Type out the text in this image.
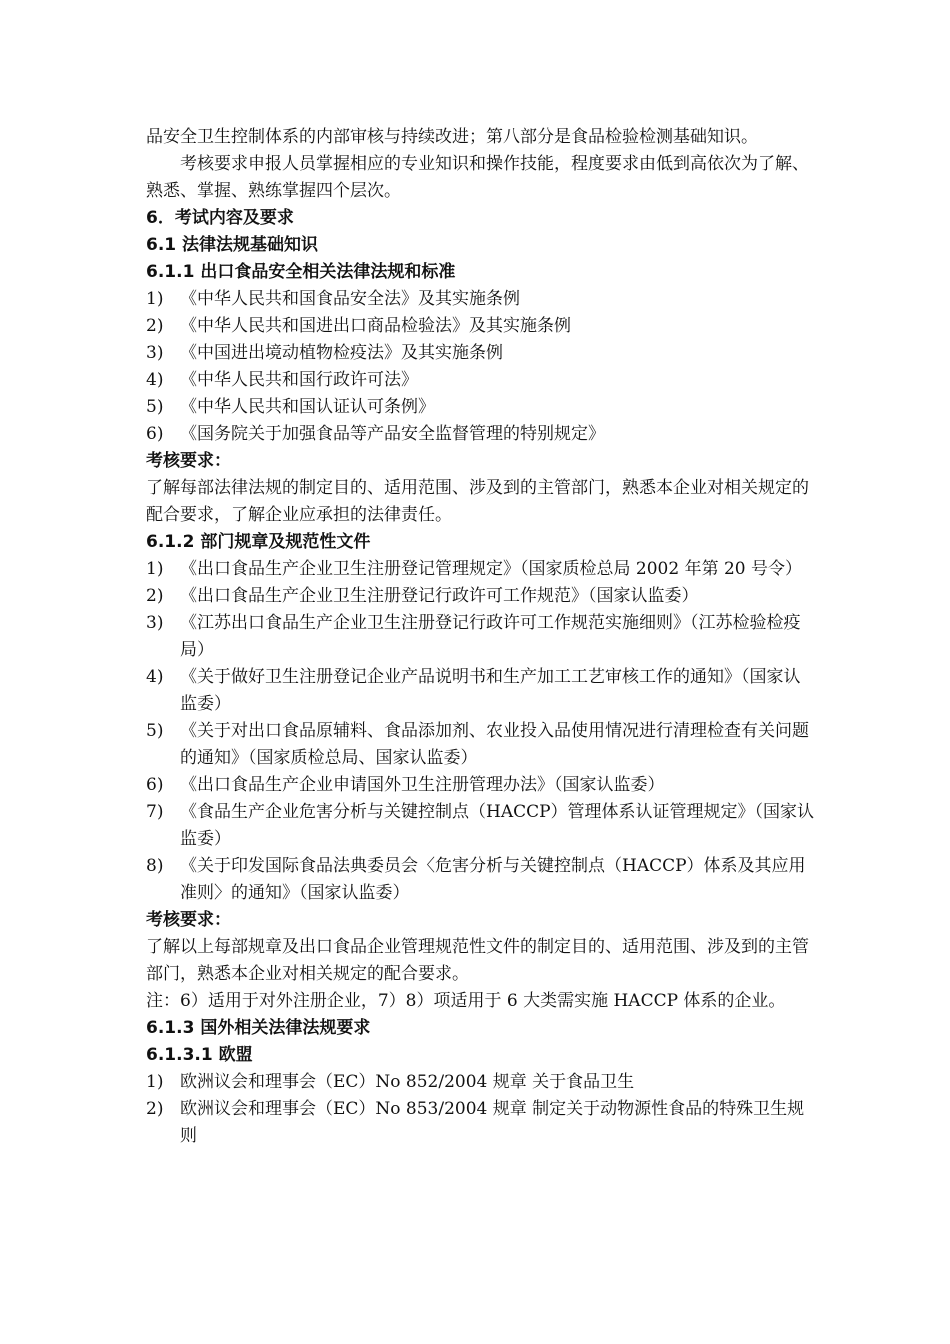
品安全卫生控制体系的内部审核与持续改进；第八部分是食品检验检测基础知识。

考核要求申报人员掌握相应的专业知识和操作技能，程度要求由低到高依次为了解、熟悉、掌握、熟练掌握四个层次。

6．考试内容及要求

6.1 法律法规基础知识

6.1.1 出口食品安全相关法律法规和标准

1) 《中华人民共和国食品安全法》及其实施条例
2) 《中华人民共和国进出口商品检验法》及其实施条例
3) 《中国进出境动植物检疫法》及其实施条例
4) 《中华人民共和国行政许可法》
5) 《中华人民共和国认证认可条例》
6) 《国务院关于加强食品等产品安全监督管理的特别规定》

考核要求：

了解每部法律法规的制定目的、适用范围、涉及到的主管部门，熟悉本企业对相关规定的配合要求，了解企业应承担的法律责任。

6.1.2 部门规章及规范性文件

1) 《出口食品生产企业卫生注册登记管理规定》（国家质检总局 2002 年第 20 号令）
2) 《出口食品生产企业卫生注册登记行政许可工作规范》（国家认监委）
3) 《江苏出口食品生产企业卫生注册登记行政许可工作规范实施细则》（江苏检验检疫局）
4) 《关于做好卫生注册登记企业产品说明书和生产加工工艺审核工作的通知》（国家认监委）
5) 《关于对出口食品原辅料、食品添加剂、农业投入品使用情况进行清理检查有关问题的通知》（国家质检总局、国家认监委）
6) 《出口食品生产企业申请国外卫生注册管理办法》（国家认监委）
7) 《食品生产企业危害分析与关键控制点（HACCP）管理体系认证管理规定》（国家认监委）
8) 《关于印发国际食品法典委员会〈危害分析与关键控制点（HACCP）体系及其应用准则〉的通知》（国家认监委）

考核要求：

了解以上每部规章及出口食品企业管理规范性文件的制定目的、适用范围、涉及到的主管部门，熟悉本企业对相关规定的配合要求。

注：6）适用于对外注册企业，7）8）项适用于 6 大类需实施 HACCP 体系的企业。

6.1.3 国外相关法律法规要求

6.1.3.1 欧盟

1) 欧洲议会和理事会（EC）No 852/2004 规章 关于食品卫生
2) 欧洲议会和理事会（EC）No 853/2004 规章 制定关于动物源性食品的特殊卫生规则
